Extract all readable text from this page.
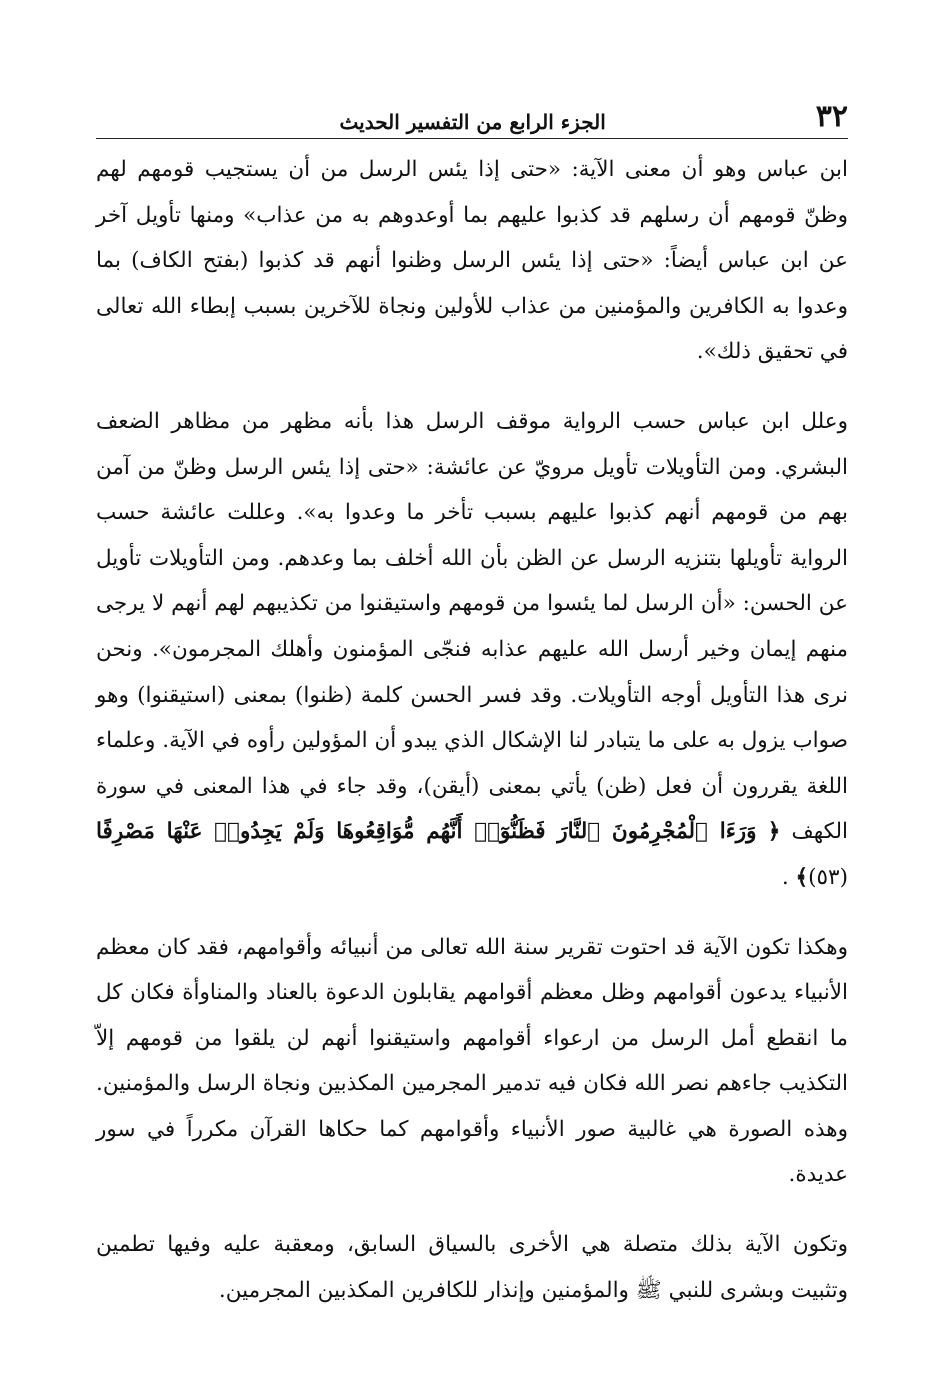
٣٢
الجزء الرابع من التفسير الحديث

ابن عباس وهو أن معنى الآية: «حتى إذا يئس الرسل من أن يستجيب قومهم لهم وظنّ قومهم أن رسلهم قد كذبوا عليهم بما أوعدوهم به من عذاب» ومنها تأويل آخر عن ابن عباس أيضاً: «حتى إذا يئس الرسل وظنوا أنهم قد كذبوا (بفتح الكاف) بما وعدوا به الكافرين والمؤمنين من عذاب للأولين ونجاة للآخرين بسبب إبطاء الله تعالى في تحقيق ذلك».

وعلل ابن عباس حسب الرواية موقف الرسل هذا بأنه مظهر من مظاهر الضعف البشري. ومن التأويلات تأويل مرويّ عن عائشة: «حتى إذا يئس الرسل وظنّ من آمن بهم من قومهم أنهم كذبوا عليهم بسبب تأخر ما وعدوا به». وعللت عائشة حسب الرواية تأويلها بتنزيه الرسل عن الظن بأن الله أخلف بما وعدهم. ومن التأويلات تأويل عن الحسن: «أن الرسل لما يئسوا من قومهم واستيقنوا من تكذيبهم لهم أنهم لا يرجى منهم إيمان وخير أرسل الله عليهم عذابه فنجّى المؤمنون وأهلك المجرمون». ونحن نرى هذا التأويل أوجه التأويلات. وقد فسر الحسن كلمة (ظنوا) بمعنى (استيقنوا) وهو صواب يزول به على ما يتبادر لنا الإشكال الذي يبدو أن المؤولين رأوه في الآية. وعلماء اللغة يقررون أن فعل (ظن) يأتي بمعنى (أيقن)، وقد جاء في هذا المعنى في سورة الكهف ﴿ وَرَءَا ٱلْمُجْرِمُونَ ٱلنَّارَ فَظَنُّوٓا۟ أَنَّهُم مُّوَاقِعُوهَا وَلَمْ يَجِدُوا۟ عَنْهَا مَصْرِفًا (٥٣)﴾ .

وهكذا تكون الآية قد احتوت تقرير سنة الله تعالى من أنبيائه وأقوامهم، فقد كان معظم الأنبياء يدعون أقوامهم وظل معظم أقوامهم يقابلون الدعوة بالعناد والمناوأة فكان كل ما انقطع أمل الرسل من ارعواء أقوامهم واستيقنوا أنهم لن يلقوا من قومهم إلاّ التكذيب جاءهم نصر الله فكان فيه تدمير المجرمين المكذبين ونجاة الرسل والمؤمنين. وهذه الصورة هي غالبية صور الأنبياء وأقوامهم كما حكاها القرآن مكرراً في سور عديدة.

وتكون الآية بذلك متصلة هي الأخرى بالسياق السابق، ومعقبة عليه وفيها تطمين وتثبيت وبشرى للنبي ﷺ والمؤمنين وإنذار للكافرين المكذبين المجرمين.
